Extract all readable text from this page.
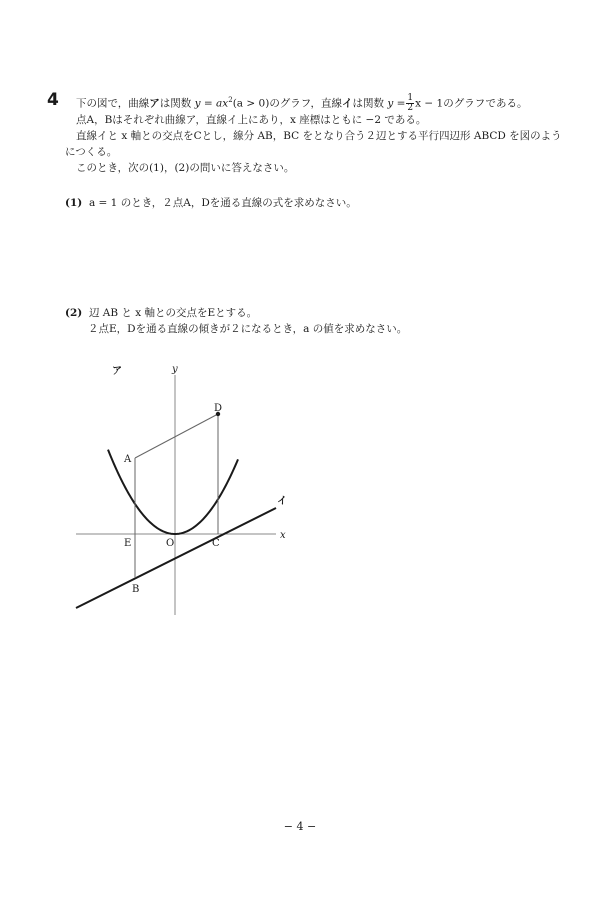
4 下の図で，曲線アは関数 $y = ax^2(a > 0)$のグラフ，直線イは関数 $y = \frac{1}{2}$ x − 1のグラフである。
点A，Bはそれぞれ曲線ア，直線イ上にあり，x 座標はともに −2 である。
直線イと x 軸との交点をCとし，線分 AB，BC をとなり合う２辺とする平行四辺形 ABCD を図のよう
につくる。
このとき，次の(1)，(2)の問いに答えなさい。
(1) a = 1 のとき，２点A，Dを通る直線の式を求めなさい。
(2) 辺 AB と x 軸との交点をEとする。
２点E，Dを通る直線の傾きが２になるとき，a の値を求めなさい。
ア
イ
y
x
A
B
C
D
E	O
− 4 −
